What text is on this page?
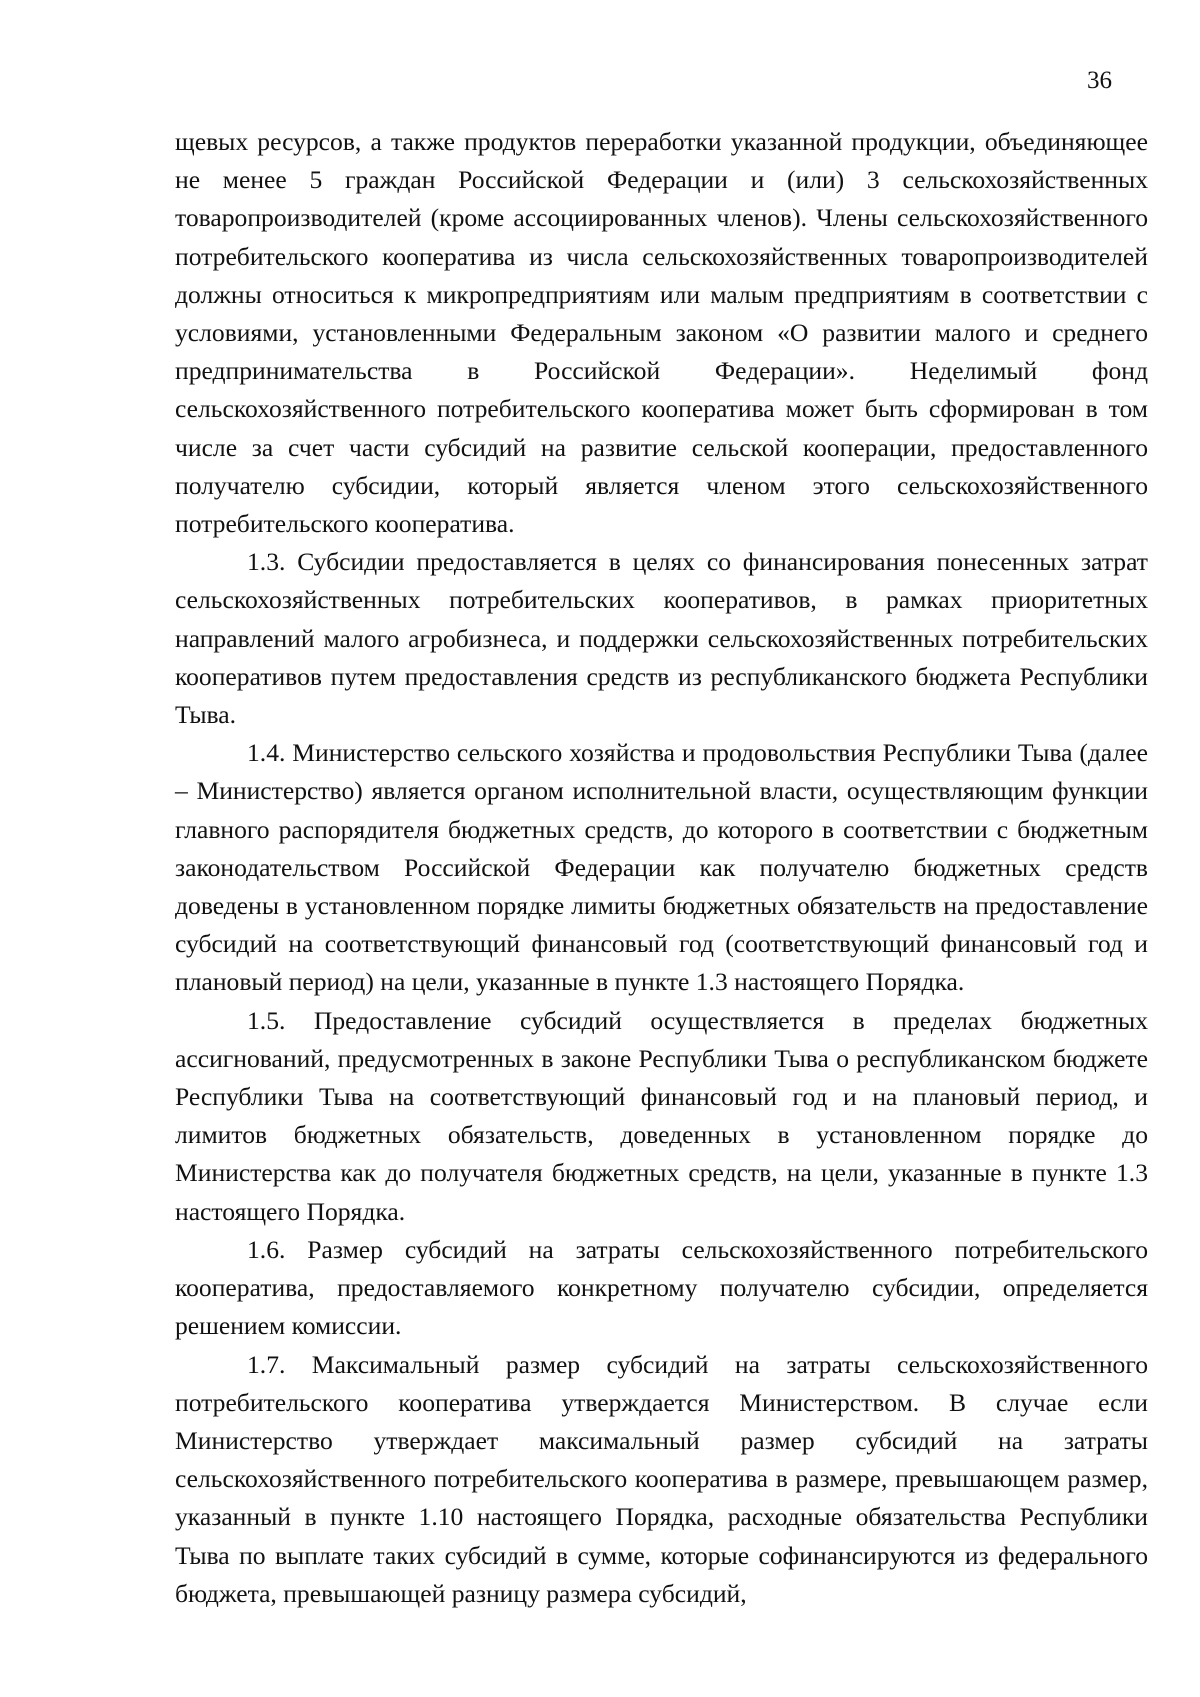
36

щевых ресурсов, а также продуктов переработки указанной продукции, объединяющее не менее 5 граждан Российской Федерации и (или) 3 сельскохозяйственных товаропроизводителей (кроме ассоциированных членов). Члены сельскохозяйственного потребительского кооператива из числа сельскохозяйственных товаропроизводителей должны относиться к микропредприятиям или малым предприятиям в соответствии с условиями, установленными Федеральным законом «О развитии малого и среднего предпринимательства в Российской Федерации». Неделимый фонд сельскохозяйственного потребительского кооператива может быть сформирован в том числе за счет части субсидий на развитие сельской кооперации, предоставленного получателю субсидии, который является членом этого сельскохозяйственного потребительского кооператива.

1.3. Субсидии предоставляется в целях со финансирования понесенных затрат сельскохозяйственных потребительских кооперативов, в рамках приоритетных направлений малого агробизнеса, и поддержки сельскохозяйственных потребительских кооперативов путем предоставления средств из республиканского бюджета Республики Тыва.

1.4. Министерство сельского хозяйства и продовольствия Республики Тыва (далее – Министерство) является органом исполнительной власти, осуществляющим функции главного распорядителя бюджетных средств, до которого в соответствии с бюджетным законодательством Российской Федерации как получателю бюджетных средств доведены в установленном порядке лимиты бюджетных обязательств на предоставление субсидий на соответствующий финансовый год (соответствующий финансовый год и плановый период) на цели, указанные в пункте 1.3 настоящего Порядка.

1.5. Предоставление субсидий осуществляется в пределах бюджетных ассигнований, предусмотренных в законе Республики Тыва о республиканском бюджете Республики Тыва на соответствующий финансовый год и на плановый период, и лимитов бюджетных обязательств, доведенных в установленном порядке до Министерства как до получателя бюджетных средств, на цели, указанные в пункте 1.3 настоящего Порядка.

1.6. Размер субсидий на затраты сельскохозяйственного потребительского кооператива, предоставляемого конкретному получателю субсидии, определяется решением комиссии.

1.7. Максимальный размер субсидий на затраты сельскохозяйственного потребительского кооператива утверждается Министерством. В случае если Министерство утверждает максимальный размер субсидий на затраты сельскохозяйственного потребительского кооператива в размере, превышающем размер, указанный в пункте 1.10 настоящего Порядка, расходные обязательства Республики Тыва по выплате таких субсидий в сумме, которые софинансируются из федерального бюджета, превышающей разницу размера субсидий,
